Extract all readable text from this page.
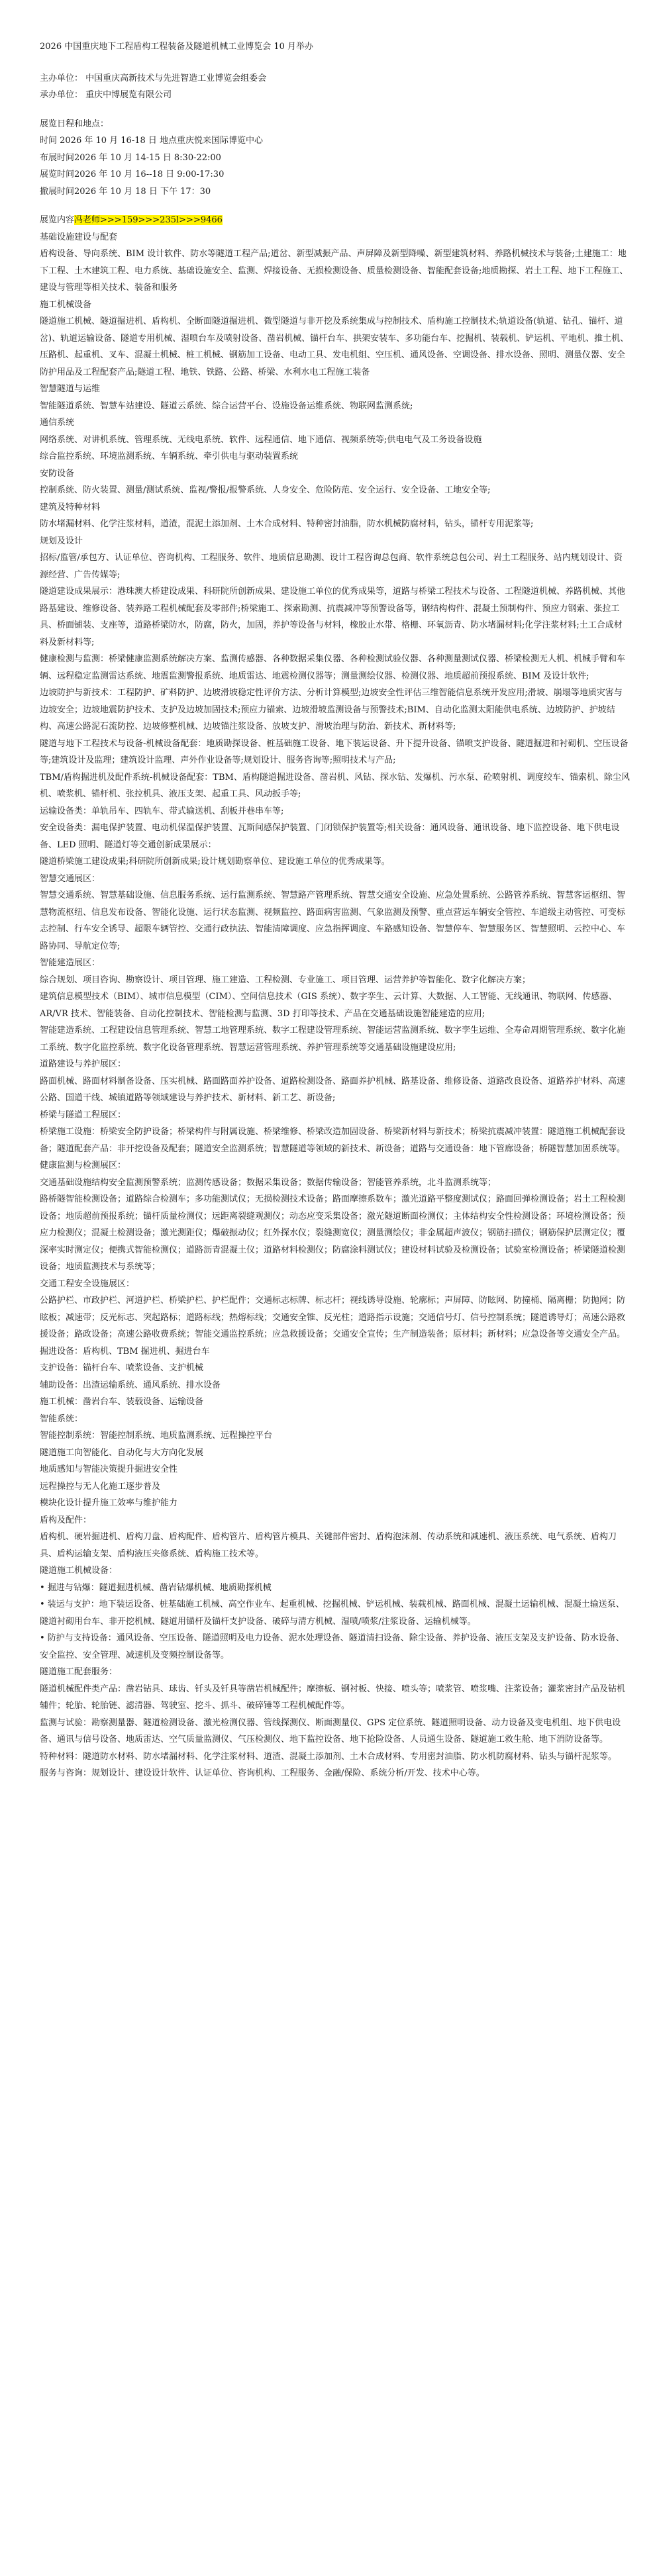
2026 中国重庆地下工程盾构工程装备及隧道机械工业博览会 10 月举办

主办单位： 中国重庆高新技术与先进智造工业博览会组委会

承办单位： 重庆中博展览有限公司

展览日程和地点：

时间 2026 年 10 月 16-18 日 地点重庆悦来国际博览中心

布展时间2026 年 10 月 14-15 日 8:30-22:00

展览时间2026 年 10 月 16--18 日 9:00-17:30

撤展时间2026 年 10 月 18 日 下午 17：30

展览内容冯老师>>>159>>>235l>>>9466

基础设施建设与配套

盾构设备、导向系统、BIM 设计软件、防水等隧道工程产品;道岔、新型减振产品、声屏障及新型降噪、新型建筑材料、养路机械技术与装备;土建施工：地下工程、土木建筑工程、电力系统、基础设施安全、监测、焊接设备、无损检测设备、质量检测设备、智能配套设备;地质勘探、岩土工程、地下工程施工、建设与管理等相关技术、装备和服务

施工机械设备

隧道施工机械、隧道掘进机、盾构机、全断面隧道掘进机、微型隧道与非开挖及系统集成与控制技术、盾构施工控制技术;轨道设备(轨道、钻孔、锚杆、道岔)、轨道运输设备、隧道专用机械、湿喷台车及喷射设备、凿岩机械、锚杆台车、拱架安装车、多功能台车、挖掘机、装载机、铲运机、平地机、推土机、压路机、起重机、叉车、混凝土机械、桩工机械、钢筋加工设备、电动工具、发电机组、空压机、通风设备、空调设备、排水设备、照明、测量仪器、安全防护用品及工程配套产品;隧道工程、地铁、铁路、公路、桥梁、水利水电工程施工装备

智慧隧道与运维

智能隧道系统、智慧车站建设、隧道云系统、综合运营平台、设施设备运维系统、物联网监测系统;

通信系统

网络系统、对讲机系统、管理系统、无线电系统、软件、远程通信、地下通信、视频系统等;供电电气及工务设备设施

综合监控系统、环境监测系统、车辆系统、牵引供电与驱动装置系统

安防设备

控制系统、防火装置、测量/测试系统、监视/警报/报警系统、人身安全、危险防范、安全运行、安全设备、工地安全等;

建筑及特种材料

防水堵漏材料、化学注浆材料，道渣，混泥土添加剂、土木合成材料、特种密封油脂，防水机械防腐材料，钻头，锚杆专用泥浆等;

规划及设计

招标/监管/承包方、认证单位、咨询机构、工程服务、软件、地质信息勘测、设计工程咨询总包商、软件系统总包公司、岩土工程服务、站内规划设计、资源经营、广告传媒等;

隧道建设成果展示：港珠澳大桥建设成果、科研院所创新成果、建设施工单位的优秀成果等，道路与桥梁工程技术与设备、工程隧道机械、养路机械、其他路基建设、维修设备、装养路工程机械配套及零部件;桥梁施工、探索勘测、抗震减冲等预警设备等，钢结构构件、混凝土预制构件、预应力钢索、张拉工具、桥面铺装、支座等，道路桥梁防水，防腐，防火，加固，养护等设备与材料，橡胶止水带、格栅、环氧沥青、防水堵漏材料;化学注浆材料;土工合成材料及新材料等;

健康检测与监测：桥梁健康监测系统解决方案、监测传感器、各种数据采集仪器、各种检测试验仪器、各种测量测试仪器、桥梁检测无人机、机械手臂和车辆、远程稳定监测雷达系统、地震监测警报系统、地质雷达、地震检测仪器等；测量测绘仪器、检测仪器、地质超前预报系统、BIM 及设计软件;

边坡防护与新技术：工程防护、矿料防护、边坡滑坡稳定性评价方法、分析计算模型;边坡安全性评估三维智能信息系统开发应用;滑坡、崩塌等地质灾害与边坡安全；边坡地震防护技术、支护及边坡加固技术;预应力锚索、边坡滑坡监测设备与预警技术;BIM、自动化监测太阳能供电系统、边坡防护、护坡结构、高速公路泥石流防控、边坡修整机械、边坡锚注浆设备、放坡支护、滑坡治理与防治、新技术、新材料等;

隧道与地下工程技术与设备-机械设备配套：地质勘探设备、桩基础施工设备、地下装运设备、升下提升设备、锚喷支护设备、隧道掘进和衬砌机、空压设备等;建筑设计及监理；建筑设计监理、声外作业设备等;规划设计、服务咨询等;照明技术与产品;

TBM/盾构掘进机及配件系统-机械设备配套：TBM、盾构隧道掘进设备、凿岩机、风钻、探水钻、发爆机、污水泵、砼喷射机、调度绞车、锚索机、除尘风机、喷浆机、锚杆机、张拉机具、液压支架、起重工具、风动扳手等;

运输设备类：单轨吊车、四轨车、带式输送机、刮板并巷串车等;

安全设备类：漏电保护装置、电动机保温保护装置、瓦斯间感保护装置、门闭锁保护装置等;相关设备：通风设备、通讯设备、地下监控设备、地下供电设备、LED 照明、隧道灯等交通创新成果展示：

隧道桥梁施工建设成果;科研院所创新成果;设计规划勘察单位、建设施工单位的优秀成果等。

智慧交通展区：

智慧交通系统、智慧基础设施、信息服务系统、运行监测系统、智慧路产管理系统、智慧交通安全设施、应急处置系统、公路管养系统、智慧客运枢纽、智慧物流枢纽、信息发布设备、智能化设施、运行状态监测、视频监控、路面病害监测、气象监测及预警、重点营运车辆安全管控、车道级主动管控、可变标志控制、行车安全诱导、超限车辆管控、交通行政执法、智能清障调度、应急指挥调度、车路感知设备、智慧停车、智慧服务区、智慧照明、云控中心、车路协同、导航定位等;

智能建造展区：

综合规划、项目咨询、勘察设计、项目管理、施工建造、工程检测、专业施工、项目管理、运营养护等智能化、数字化解决方案；

建筑信息模型技术（BIM）、城市信息模型（CIM）、空间信息技术（GIS 系统）、数字孪生、云计算、大数据、人工智能、无线通讯、物联网、传感器、AR/VR 技术、智能装备、自动化控制技术、智能检测与监测、3D 打印等技术、产品在交通基础设施智能建造的应用;

智能建造系统、工程建设信息管理系统、智慧工地管理系统、数字工程建设管理系统、智能运营监测系统、数字孪生运维、全寿命周期管理系统、数字化施工系统、数字化监控系统、数字化设备管理系统、智慧运营管理系统、养护管理系统等交通基础设施建设应用;

道路建设与养护展区：

路面机械、路面材料制备设备、压实机械、路面路面养护设备、道路检测设备、路面养护机械、路基设备、维修设备、道路改良设备、道路养护材料、高速公路、国道干线、城镇道路等领域建设与养护技术、新材料、新工艺、新设备;

桥梁与隧道工程展区：

桥梁施工设施：桥梁安全防护设备；桥梁构件与附属设施、桥梁维修、桥梁改造加固设备、桥梁新材料与新技术；桥梁抗震减冲装置：隧道施工机械配套设备；隧道配套产品：非开挖设备及配套；隧道安全监测系统；智慧隧道等领域的新技术、新设备；道路与交通设备：地下管廊设备；桥隧智慧加固系统等。

健康监测与检测展区：

交通基础设施结构安全监测预警系统；监测传感设备；数据采集设备；数据传输设备；智能管养系统，北斗监测系统等；

路桥隧智能检测设备；道路综合检测车；多功能测试仪；无损检测技术设备；路面摩擦系数车；激光道路平整度测试仪；路面回弹检测设备；岩土工程检测设备；地质超前预报系统；锚杆质量检测仪；远距离裂缝观测仪；动态应变采集设备；激光隧道断面检测仪；主体结构安全性检测设备；环境检测设备；预应力检测仪；混凝土检测设备；激光测距仪；爆破振动仪；红外探水仪；裂缝测宽仪；测量测绘仪；非金属超声波仪；钢筋扫描仪；钢筋保护层测定仪；覆深率实时测定仪；便携式智能检测仪；道路沥青混凝土仪；道路材料检测仪；防腐涂料测试仪；建设材料试验及检测设备；试验室检测设备；桥梁隧道检测设备；地质监测技术与系统等；

交通工程安全设施展区：

公路护栏、市政护栏、河道护栏、桥梁护栏、护栏配件；交通标志标牌、标志杆；视线诱导设施、轮廓标；声屏障、防眩网、防撞桶、隔离栅；防抛网；防眩板；减速带；反光标志、突起路标；道路标线；热熔标线；交通安全锥、反光柱；道路指示设施；交通信号灯、信号控制系统；隧道诱导灯；高速公路救援设备；路政设备；高速公路收费系统；智能交通监控系统；应急救援设备；交通安全宣传；生产制造装备；原材料；新材料；应急设备等交通安全产品。

掘进设备：盾构机、TBM 掘进机、掘进台车

支护设备：锚杆台车、喷浆设备、支护机械

辅助设备：出渣运输系统、通风系统、排水设备

施工机械：凿岩台车、装载设备、运输设备

智能系统：

智能控制系统：智能控制系统、地质监测系统、远程操控平台

隧道施工向智能化、自动化与大方向化发展

地质感知与智能决策提升掘进安全性

远程操控与无人化施工逐步普及

模块化设计提升施工效率与维护能力

盾构及配件：

盾构机、硬岩掘进机、盾构刀盘、盾构配件、盾构管片、盾构管片模具、关键部件密封、盾构泡沫剂、传动系统和减速机、液压系统、电气系统、盾构刀具、盾构运输支架、盾构液压夹修系统、盾构施工技术等。

隧道施工机械设备：

• 掘进与钻爆：隧道掘进机械、凿岩钻爆机械、地质勘探机械

• 装运与支护：地下装运设备、桩基础施工机械、高空作业车、起重机械、挖掘机械、铲运机械、装载机械、路面机械、混凝土运输机械、混凝土输送泵、隧道衬砌用台车、非开挖机械、隧道用锚杆及锚杆支护设备、破碎与清方机械、湿喷/喷浆/注浆设备、运输机械等。

• 防护与支持设备：通风设备、空压设备、隧道照明及电力设备、泥水处理设备、隧道清扫设备、除尘设备、养护设备、液压支架及支护设备、防水设备、安全监控、安全管理、减速机及变频控制设备等。

隧道施工配套服务：

隧道机械配件类产品：凿岩钻具、球齿、钎头及钎具等凿岩机械配件；摩擦板、钢衬板、快接、喷头等；喷浆管、喷浆嘴、注浆设备；灌浆密封产品及钻机辅件；轮胎、轮胎链、滤清器、驾驶室、挖斗、抓斗、破碎锤等工程机械配件等。

监测与试验：勘察测量器、隧道检测设备、激光检测仪器、管线探测仪、断面测量仪、GPS 定位系统、隧道照明设备、动力设备及变电机组、地下供电设备、通讯与信号设备、地质雷达、空气质量监测仪、气压检测仪、地下监控设备、地下抢险设备、人员通生设备、隧道施工救生舱、地下消防设备等。

特种材料：隧道防水材料、防水堵漏材料、化学注浆材料、道渣、混凝土添加剂、土木合成材料、专用密封油脂、防水机防腐材料、钻头与锚杆泥浆等。

服务与咨询：规划设计、建设设计软件、认证单位、咨询机构、工程服务、金融/保险、系统分析/开发、技术中心等。
